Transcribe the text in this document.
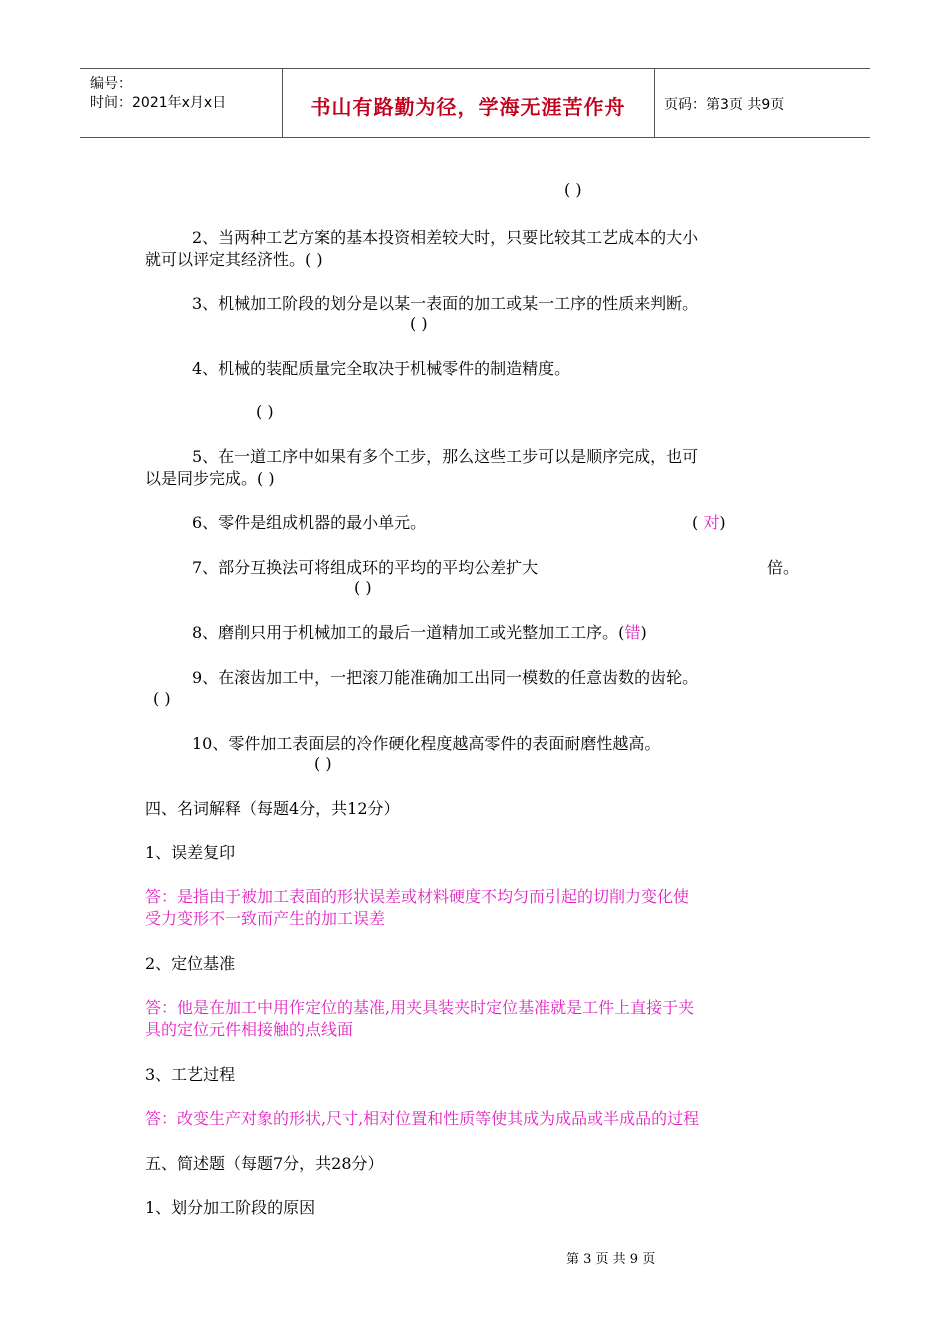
编号：
时间：2021年x月x日	书山有路勤为径，学海无涯苦作舟	页码：第3页 共9页
( )
2、当两种工艺方案的基本投资相差较大时，只要比较其工艺成本的大小
就可以评定其经济性。( )
3、机械加工阶段的划分是以某一表面的加工或某一工序的性质来判断。
( )
4、机械的装配质量完全取决于机械零件的制造精度。
( )
5、在一道工序中如果有多个工步，那么这些工步可以是顺序完成，也可
以是同步完成。( )
6、零件是组成机器的最小单元。	( 对)
7、部分互换法可将组成环的平均的平均公差扩大	倍。
( )
8、磨削只用于机械加工的最后一道精加工或光整加工工序。(错)
9、在滚齿加工中，一把滚刀能准确加工出同一模数的任意齿数的齿轮。
( )
10、零件加工表面层的冷作硬化程度越高零件的表面耐磨性越高。
( )
四、名词解释（每题4分，共12分）
1、误差复印
答：是指由于被加工表面的形状误差或材料硬度不均匀而引起的切削力变化使
受力变形不一致而产生的加工误差
2、定位基准
答：他是在加工中用作定位的基准,用夹具装夹时定位基准就是工件上直接于夹
具的定位元件相接触的点线面
3、工艺过程
答：改变生产对象的形状,尺寸,相对位置和性质等使其成为成品或半成品的过程
五、简述题（每题7分，共28分）
1、划分加工阶段的原因
第 3 页 共 9 页
